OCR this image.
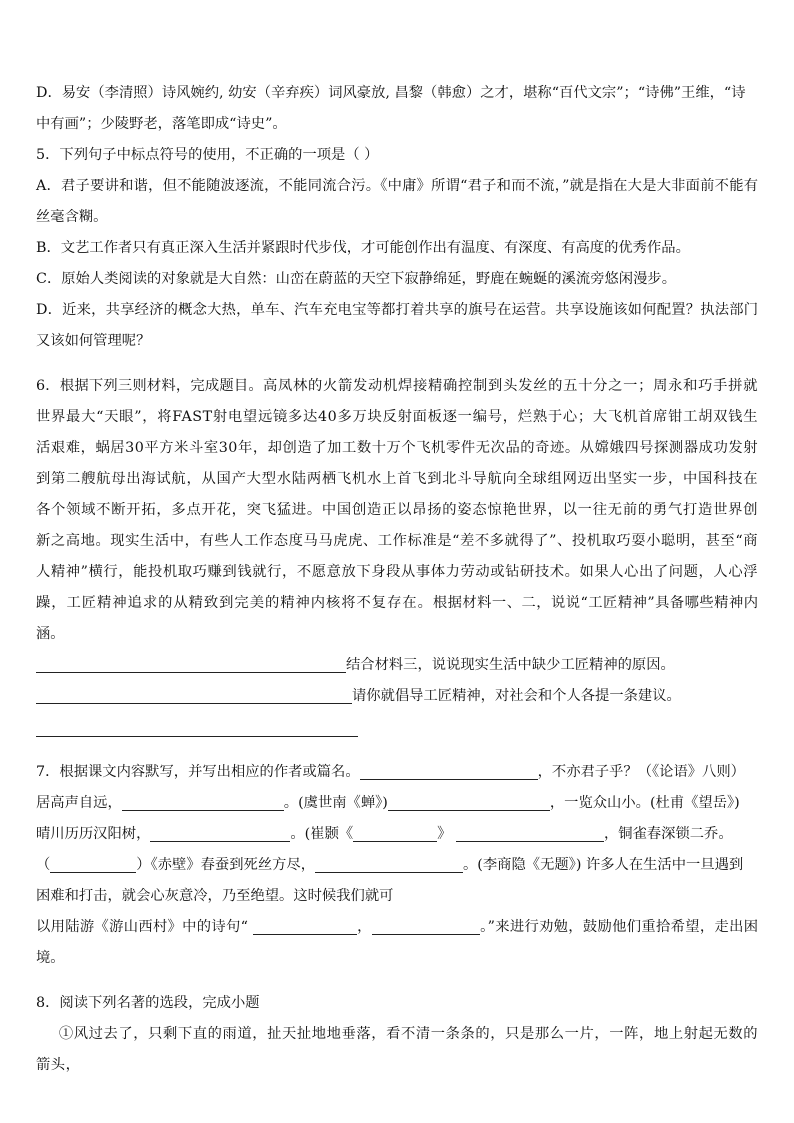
D．易安（李清照）诗风婉约, 幼安（辛弃疾）词风豪放, 昌黎（韩愈）之才，堪称“百代文宗”；“诗佛”王维，“诗
中有画”；少陵野老，落笔即成“诗史”。

5．下列句子中标点符号的使用，不正确的一项是（ ）

A．君子要讲和谐，但不能随波逐流，不能同流合污。《中庸》所谓“君子和而不流，”就是指在大是大非面前不能有丝毫含糊。

B．文艺工作者只有真正深入生活并紧跟时代步伐，才可能创作出有温度、有深度、有高度的优秀作品。

C．原始人类阅读的对象就是大自然：山峦在蔚蓝的天空下寂静绵延，野鹿在蜿蜒的溪流旁悠闲漫步。

D．近来，共享经济的概念大热，单车、汽车充电宝等都打着共享的旗号在运营。共享设施该如何配置？执法部门又该如何管理呢？

6．根据下列三则材料，完成题目。高凤林的火箭发动机焊接精确控制到头发丝的五十分之一；周永和巧手拼就世界最大“天眼”，将FAST射电望远镜多达40多万块反射面板逐一编号，烂熟于心；大飞机首席钳工胡双钱生活艰难，蜗居30平方米斗室30年，却创造了加工数十万个飞机零件无次品的奇迹。从嫦娥四号探测器成功发射到第二艘航母出海试航，从国产大型水陆两栖飞机水上首飞到北斗导航向全球组网迈出坚实一步，中国科技在各个领域不断开拓，多点开花，突飞猛进。中国创造正以昂扬的姿态惊艳世界，以一往无前的勇气打造世界创新之高地。现实生活中，有些人工作态度马马虎虎、工作标准是“差不多就得了”、投机取巧耍小聪明，甚至“商人精神”横行，能投机取巧赚到钱就行，不愿意放下身段从事体力劳动或钻研技术。如果人心出了问题，人心浮躁，工匠精神追求的从精致到完美的精神内核将不复存在。根据材料一、二，说说“工匠精神”具备哪些精神内涵。

结合材料三，说说现实生活中缺少工匠精神的原因。

请你就倡导工匠精神，对社会和个人各提一条建议。

7．根据课文内容默写，并写出相应的作者或篇名。	，不亦君子乎？（《论语》八则）

居高声自远，	。(虞世南《蝉》)	，一览众山小。(杜甫《望岳》)

晴川历历汉阳树，	。(崔颢《	》	，铜雀春深锁二乔。

（	）《赤壁》春蚕到死丝方尽，	。(李商隐《无题》) 许多人在生活中一旦遇到

困难和打击，就会心灰意冷，乃至绝望。这时候我们就可

以用陆游《游山西村》中的诗句“	，	。”来进行劝勉，鼓励他们重拾希望，走出困境。

8．阅读下列名著的选段，完成小题

①风过去了，只剩下直的雨道，扯天扯地地垂落，看不清一条条的，只是那么一片，一阵，地上射起无数的箭头，
